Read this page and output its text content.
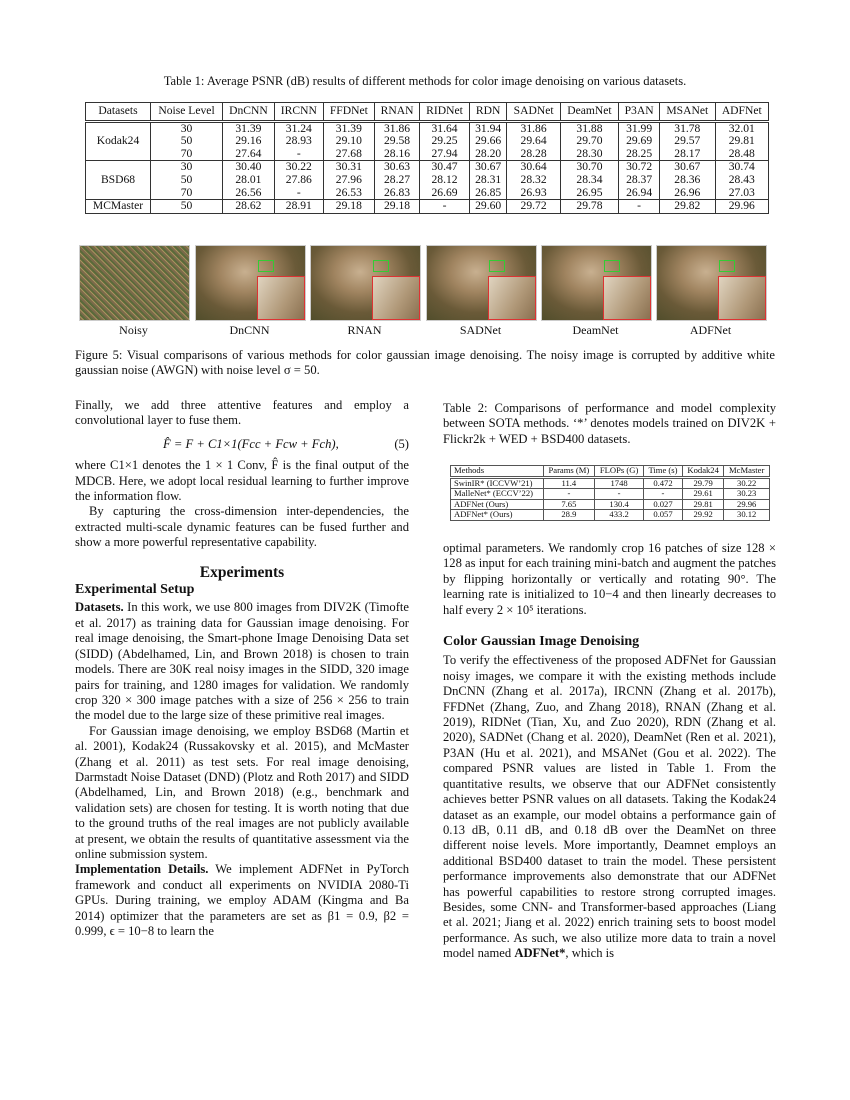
Table 1: Average PSNR (dB) results of different methods for color image denoising on various datasets.
Datasets	Noise Level	DnCNN	IRCNN	FFDNet	RNAN	RIDNet	RDN	SADNet	DeamNet	P3AN	MSANet	ADFNet
Kodak24	30	31.39	31.24	31.39	31.86	31.64	31.94	31.86	31.88	31.99	31.78	32.01
	50	29.16	28.93	29.10	29.58	29.25	29.66	29.64	29.70	29.69	29.57	29.81
	70	27.64	-	27.68	28.16	27.94	28.20	28.28	28.30	28.25	28.17	28.48
BSD68	30	30.40	30.22	30.31	30.63	30.47	30.67	30.64	30.70	30.72	30.67	30.74
	50	28.01	27.86	27.96	28.27	28.12	28.31	28.32	28.34	28.37	28.36	28.43
	70	26.56	-	26.53	26.83	26.69	26.85	26.93	26.95	26.94	26.96	27.03
MCMaster	50	28.62	28.91	29.18	29.18	-	29.60	29.72	29.78	-	29.82	29.96
Noisy	DnCNN	RNAN	SADNet	DeamNet	ADFNet
Figure 5: Visual comparisons of various methods for color gaussian image denoising. The noisy image is corrupted by additive white gaussian noise (AWGN) with noise level σ = 50.

Finally, we add three attentive features and employ a convolutional layer to fuse them.

F̂ = F + C1×1(Fcc + Fcw + Fch),	(5)

where C1×1 denotes the 1 × 1 Conv, F̂ is the final output of the MDCB. Here, we adopt local residual learning to further improve the information flow.

By capturing the cross-dimension inter-dependencies, the extracted multi-scale dynamic features can be fused further and show a more powerful representative capability.

Experiments
Experimental Setup

Datasets. In this work, we use 800 images from DIV2K (Timofte et al. 2017) as training data for Gaussian image denoising. For real image denoising, the Smart-phone Image Denoising Data set (SIDD) (Abdelhamed, Lin, and Brown 2018) is chosen to train models. There are 30K real noisy images in the SIDD, 320 image pairs for training, and 1280 images for validation. We randomly crop 320 × 300 image patches with a size of 256 × 256 to train the model due to the large size of these primitive real images.

For Gaussian image denoising, we employ BSD68 (Martin et al. 2001), Kodak24 (Russakovsky et al. 2015), and McMaster (Zhang et al. 2011) as test sets. For real image denoising, Darmstadt Noise Dataset (DND) (Plotz and Roth 2017) and SIDD (Abdelhamed, Lin, and Brown 2018) (e.g., benchmark and validation sets) are chosen for testing. It is worth noting that due to the ground truths of the real images are not publicly available at present, we obtain the results of quantitative assessment via the online submission system.

Implementation Details. We implement ADFNet in PyTorch framework and conduct all experiments on NVIDIA 2080-Ti GPUs. During training, we employ ADAM (Kingma and Ba 2014) optimizer that the parameters are set as β1 = 0.9, β2 = 0.999, ϵ = 10−8 to learn the

Table 2: Comparisons of performance and model complexity between SOTA methods. ‘*’ denotes models trained on DIV2K + Flickr2k + WED + BSD400 datasets.

Methods	Params (M)	FLOPs (G)	Time (s)	Kodak24	McMaster
SwinIR* (ICCVW’21)	11.4	1748	0.472	29.79	30.22
MalleNet* (ECCV’22)	-	-	-	29.61	30.23
ADFNet (Ours)	7.65	130.4	0.027	29.81	29.96
ADFNet* (Ours)	28.9	433.2	0.057	29.92	30.12

optimal parameters. We randomly crop 16 patches of size 128 × 128 as input for each training mini-batch and augment the patches by flipping horizontally or vertically and rotating 90°. The learning rate is initialized to 10−4 and then linearly decreases to half every 2 × 10⁵ iterations.

Color Gaussian Image Denoising

To verify the effectiveness of the proposed ADFNet for Gaussian noisy images, we compare it with the existing methods include DnCNN (Zhang et al. 2017a), IRCNN (Zhang et al. 2017b), FFDNet (Zhang, Zuo, and Zhang 2018), RNAN (Zhang et al. 2019), RIDNet (Tian, Xu, and Zuo 2020), RDN (Zhang et al. 2020), SADNet (Chang et al. 2020), DeamNet (Ren et al. 2021), P3AN (Hu et al. 2021), and MSANet (Gou et al. 2022). The compared PSNR values are listed in Table 1. From the quantitative results, we observe that our ADFNet consistently achieves better PSNR values on all datasets. Taking the Kodak24 dataset as an example, our model obtains a performance gain of 0.13 dB, 0.11 dB, and 0.18 dB over the DeamNet on three different noise levels. More importantly, Deamnet employs an additional BSD400 dataset to train the model. These persistent performance improvements also demonstrate that our ADFNet has powerful capabilities to restore strong corrupted images. Besides, some CNN- and Transformer-based approaches (Liang et al. 2021; Jiang et al. 2022) enrich training sets to boost model performance. As such, we also utilize more data to train a novel model named ADFNet*, which is
